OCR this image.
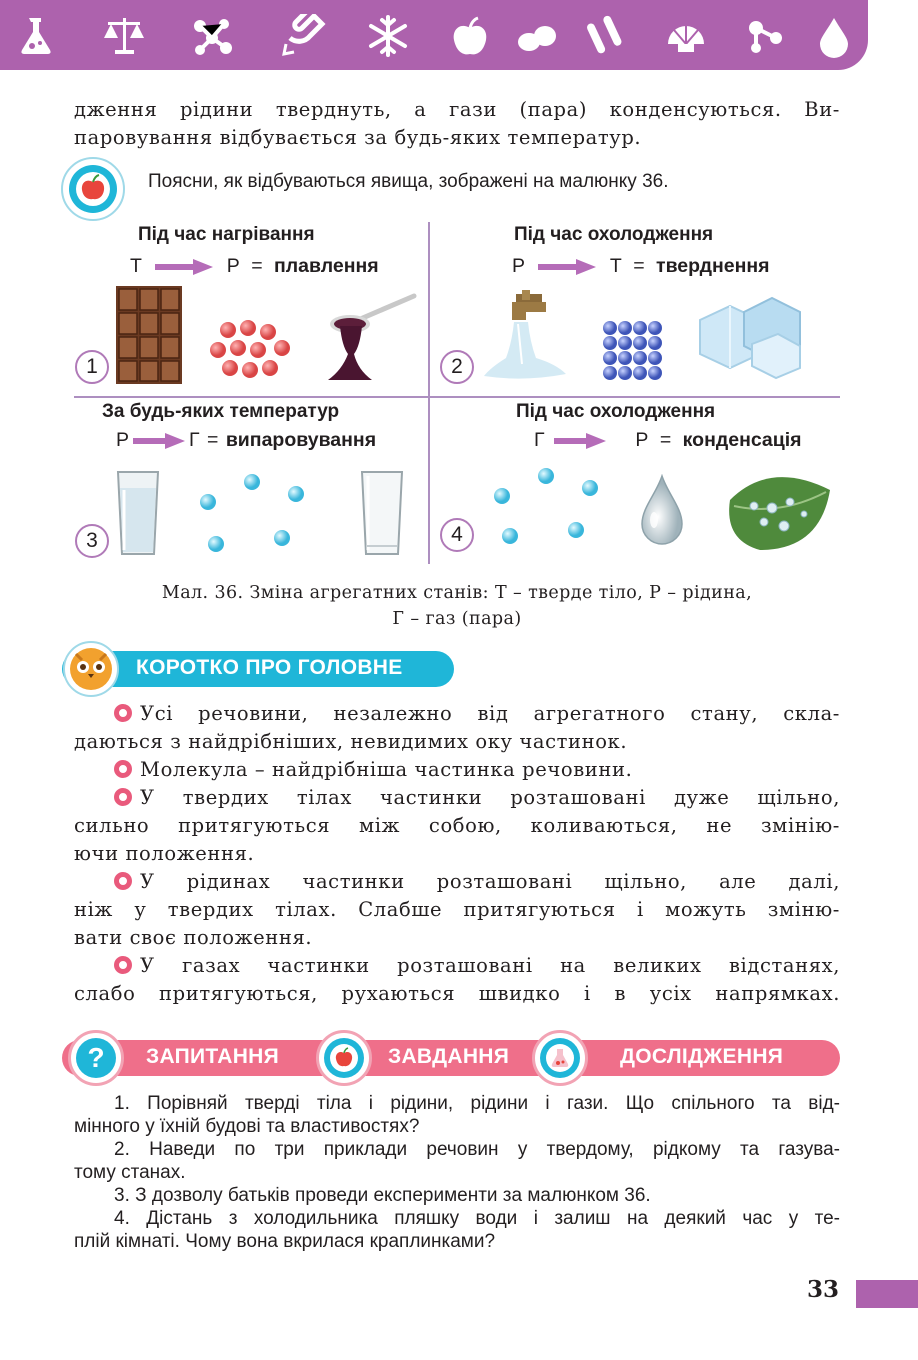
дження рідини тверднуть, а гази (пара) конденсуються. Ви-
паровування відбувається за будь-яких температур.
Поясни, як відбуваються явища, зображені на малюнку 36.
Під час нагрівання
Т	Р = плавлення
1
Під час охолодження
Р	Т = тверднення
2
За будь-яких температур
Р	Г = випаровування
3
Під час охолодження
Г	Р = конденсація
4
Мал. 36. Зміна агрегатних станів: Т – тверде тіло, Р – рідина,
Г – газ (пара)
КОРОТКО ПРО ГОЛОВНЕ
Усі речовини, незалежно від агрегатного стану, скла-
даються з найдрібніших, невидимих оку частинок.
Молекула – найдрібніша частинка речовини.
У твердих тілах частинки розташовані дуже щільно,
сильно притягуються між собою, коливаються, не змінію-
ючи положення.
У рідинах частинки розташовані щільно, але далі,
ніж у твердих тілах. Слабше притягуються і можуть зміню-
вати своє положення.
У газах частинки розташовані на великих відстанях,
слабо притягуються, рухаються швидко і в усіх напрямках.
?	ЗАПИТАННЯ	ЗАВДАННЯ	ДОСЛІДЖЕННЯ
1. Порівняй тверді тіла і рідини, рідини і гази. Що спільного та від-
мінного у їхній будові та властивостях?
2. Наведи по три приклади речовин у твердому, рідкому та газува-
тому станах.
3. З дозволу батьків проведи експерименти за малюнком 36.
4. Дістань з холодильника пляшку води і залиш на деякий час у те-
плій кімнаті. Чому вона вкрилася краплинками?
33
